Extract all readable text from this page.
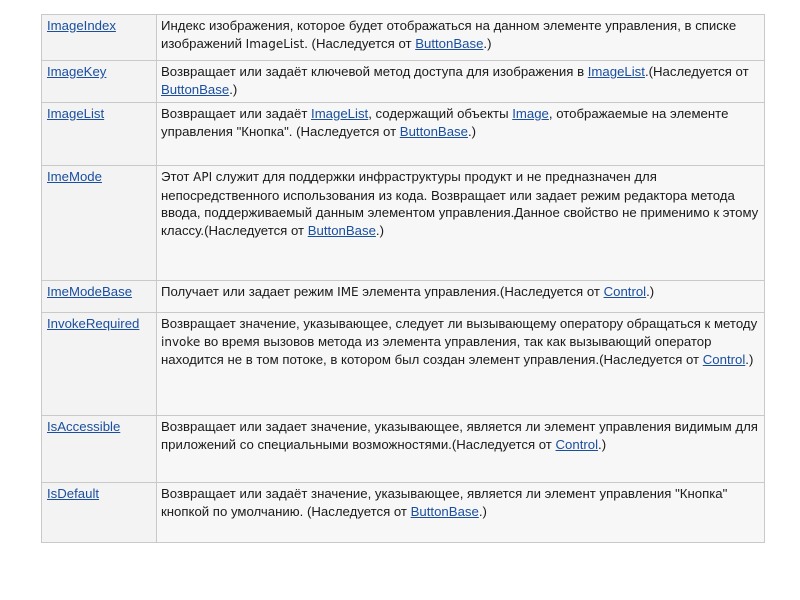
ImageIndex	Индекс изображения, которое будет отображаться на данном элементе управления, в списке изображений ImageList. (Наследуется от ButtonBase.)
ImageKey	Возвращает или задаёт ключевой метод доступа для изображения в ImageList.(Наследуется от ButtonBase.)
ImageList	Возвращает или задаёт ImageList, содержащий объекты Image, отображаемые на элементе управления "Кнопка". (Наследуется от ButtonBase.)
ImeMode	Этот API служит для поддержки инфраструктуры продукт и не предназначен для непосредственного использования из кода. Возвращает или задает режим редактора метода ввода, поддерживаемый данным элементом управления.Данное свойство не применимо к этому классу.(Наследуется от ButtonBase.)
ImeModeBase	Получает или задает режим IME элемента управления.(Наследуется от Control.)
InvokeRequired	Возвращает значение, указывающее, следует ли вызывающему оператору обращаться к методу invoke во время вызовов метода из элемента управления, так как вызывающий оператор находится не в том потоке, в котором был создан элемент управления.(Наследуется от Control.)
IsAccessible	Возвращает или задает значение, указывающее, является ли элемент управления видимым для приложений со специальными возможностями.(Наследуется от Control.)
IsDefault	Возвращает или задаёт значение, указывающее, является ли элемент управления "Кнопка" кнопкой по умолчанию. (Наследуется от ButtonBase.)
